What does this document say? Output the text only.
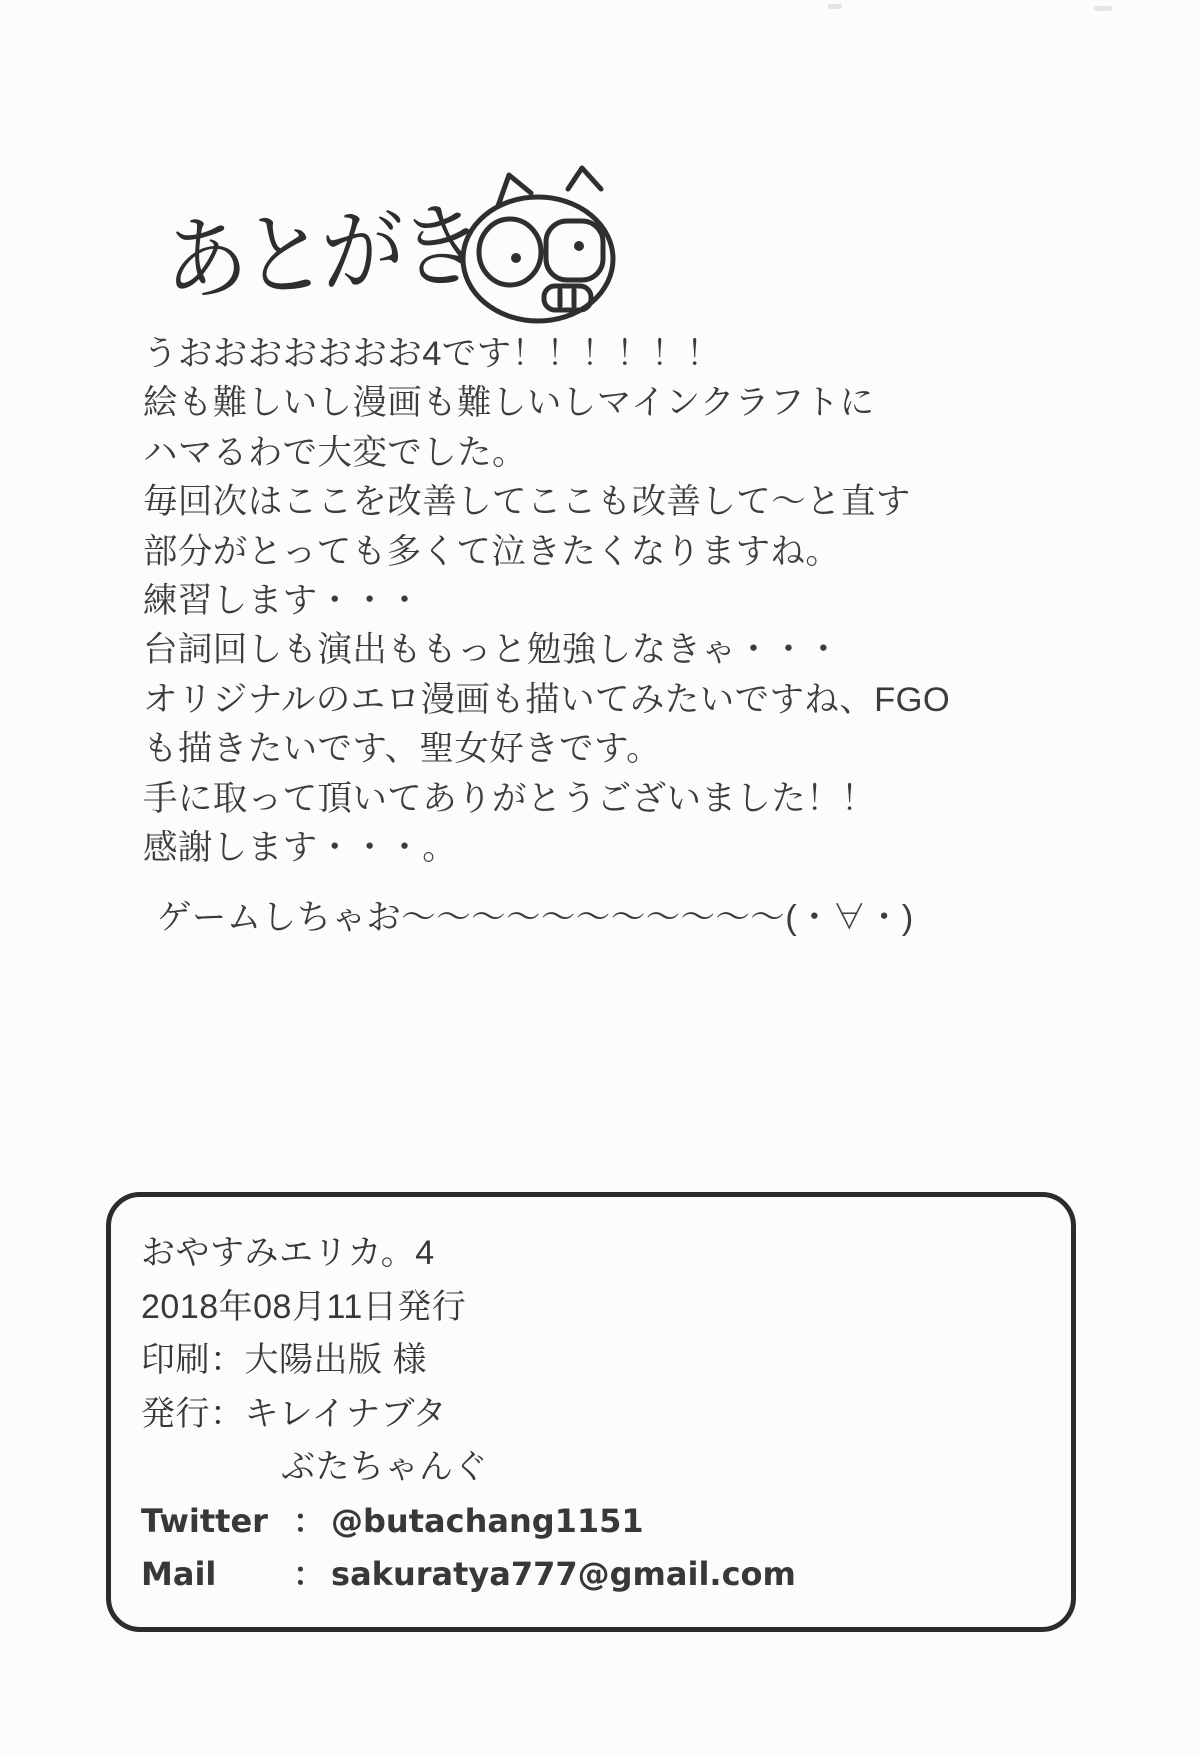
あとがき
うおおおおおおお4です！！！！！！
絵も難しいし漫画も難しいしマインクラフトに
ハマるわで大変でした。
毎回次はここを改善してここも改善して～と直す
部分がとっても多くて泣きたくなりますね。
練習します・・・
台詞回しも演出ももっと勉強しなきゃ・・・
オリジナルのエロ漫画も描いてみたいですね、FGO
も描きたいです、聖女好きです。
手に取って頂いてありがとうございました！！
感謝します・・・。
ゲームしちゃお～～～～～～～～～～～(・∀・)
おやすみエリカ。4
2018年08月11日発行
印刷：大陽出版 様
発行：キレイナブタ
ぶたちゃんぐ
Twitter ： @butachang1151
Mail	： sakuratya777@gmail.com
